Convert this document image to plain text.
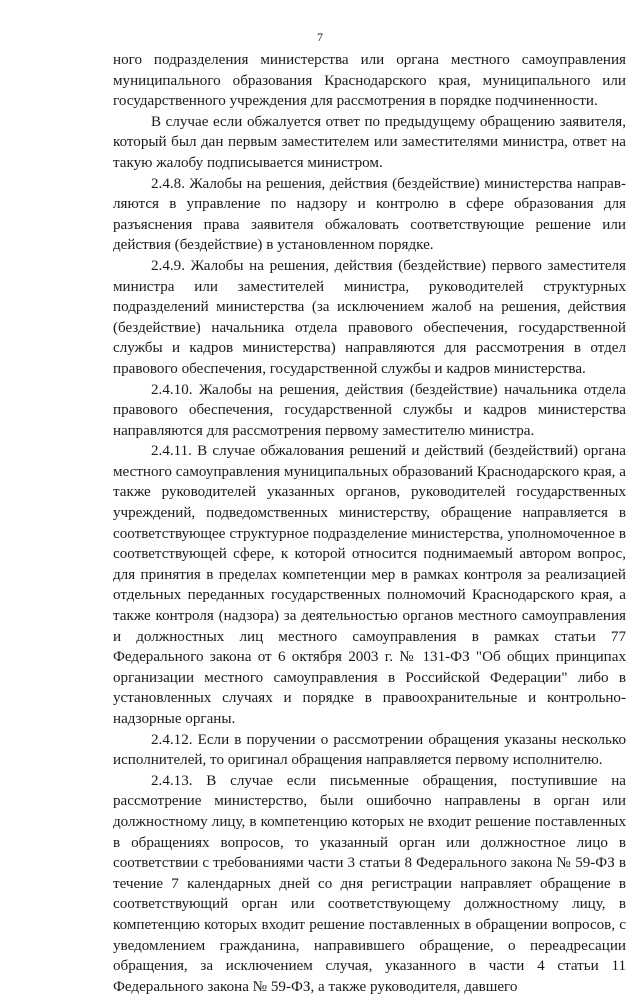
7

ного подразделения министерства или органа местного самоуправления муниципального образования Краснодарского края, муниципального или государственного учреждения для рассмотрения в порядке подчиненности.

В случае если обжалуется ответ по предыдущему обращению заявителя, который был дан первым заместителем или заместителями министра, ответ на такую жалобу подписывается министром.

2.4.8. Жалобы на решения, действия (бездействие) министерства направляются в управление по надзору и контролю в сфере образования для разъяснения права заявителя обжаловать соответствующие решение или действия (бездействие) в установленном порядке.

2.4.9. Жалобы на решения, действия (бездействие) первого заместителя министра или заместителей министра, руководителей структурных подразделений министерства (за исключением жалоб на решения, действия (бездействие) начальника отдела правового обеспечения, государственной службы и кадров министерства) направляются для рассмотрения в отдел правового обеспечения, государственной службы и кадров министерства.

2.4.10. Жалобы на решения, действия (бездействие) начальника отдела правового обеспечения, государственной службы и кадров министерства направляются для рассмотрения первому заместителю министра.

2.4.11. В случае обжалования решений и действий (бездействий) органа местного самоуправления муниципальных образований Краснодарского края, а также руководителей указанных органов, руководителей государственных учреждений, подведомственных министерству, обращение направляется в соответствующее структурное подразделение министерства, уполномоченное в соответствующей сфере, к которой относится поднимаемый автором вопрос, для принятия в пределах компетенции мер в рамках контроля за реализацией отдельных переданных государственных полномочий Краснодарского края, а также контроля (надзора) за деятельностью органов местного самоуправления и должностных лиц местного самоуправления в рамках статьи 77 Федерального закона от 6 октября 2003 г. № 131-ФЗ "Об общих принципах организации местного самоуправления в Российской Федерации" либо в установленных случаях и порядке в правоохранительные и контрольно-надзорные органы.

2.4.12. Если в поручении о рассмотрении обращения указаны несколько исполнителей, то оригинал обращения направляется первому исполнителю.

2.4.13. В случае если письменные обращения, поступившие на рассмотрение министерство, были ошибочно направлены в орган или должностному лицу, в компетенцию которых не входит решение поставленных в обращениях вопросов, то указанный орган или должностное лицо в соответствии с требованиями части 3 статьи 8 Федерального закона № 59-ФЗ в течение 7 календарных дней со дня регистрации направляет обращение в соответствующий орган или соответствующему должностному лицу, в компетенцию которых входит решение поставленных в обращении вопросов, с уведомлением гражданина, направившего обращение, о переадресации обращения, за исключением случая, указанного в части 4 статьи 11 Федерального закона № 59-ФЗ, а также руководителя, давшего
